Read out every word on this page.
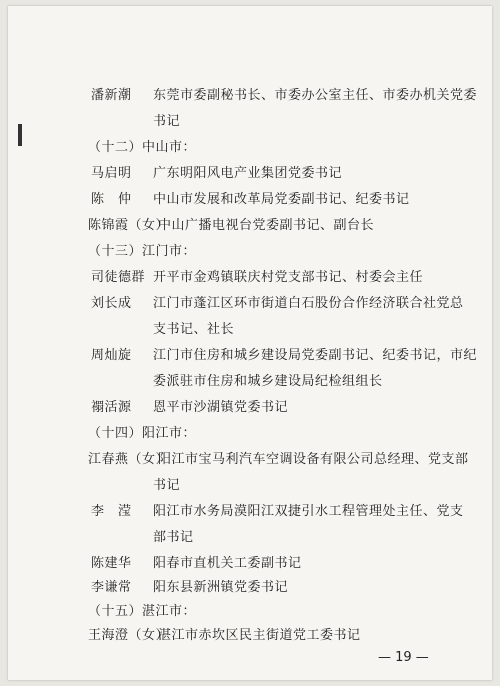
潘新潮 东莞市委副秘书长、市委办公室主任、市委办机关党委
书记
（十二）中山市：
马启明 广东明阳风电产业集团党委书记
陈　仲 中山市发展和改革局党委副书记、纪委书记
陈锦霞（女）
中山广播电视台党委副书记、副台长
（十三）江门市：
司徒德群 开平市金鸡镇联庆村党支部书记、村委会主任
刘长成 江门市蓬江区环市街道白石股份合作经济联合社党总
支书记、社长
周灿旋 江门市住房和城乡建设局党委副书记、纪委书记，市纪
委派驻市住房和城乡建设局纪检组组长
禤活源 恩平市沙湖镇党委书记
（十四）阳江市：
江春燕（女）
阳江市宝马利汽车空调设备有限公司总经理、党支部
书记
李　滢 阳江市水务局漠阳江双捷引水工程管理处主任、党支
部书记
陈建华 阳春市直机关工委副书记
李谦常 阳东县新洲镇党委书记
（十五）湛江市：
王海澄（女）
湛江市赤坎区民主街道党工委书记
— 19 —
